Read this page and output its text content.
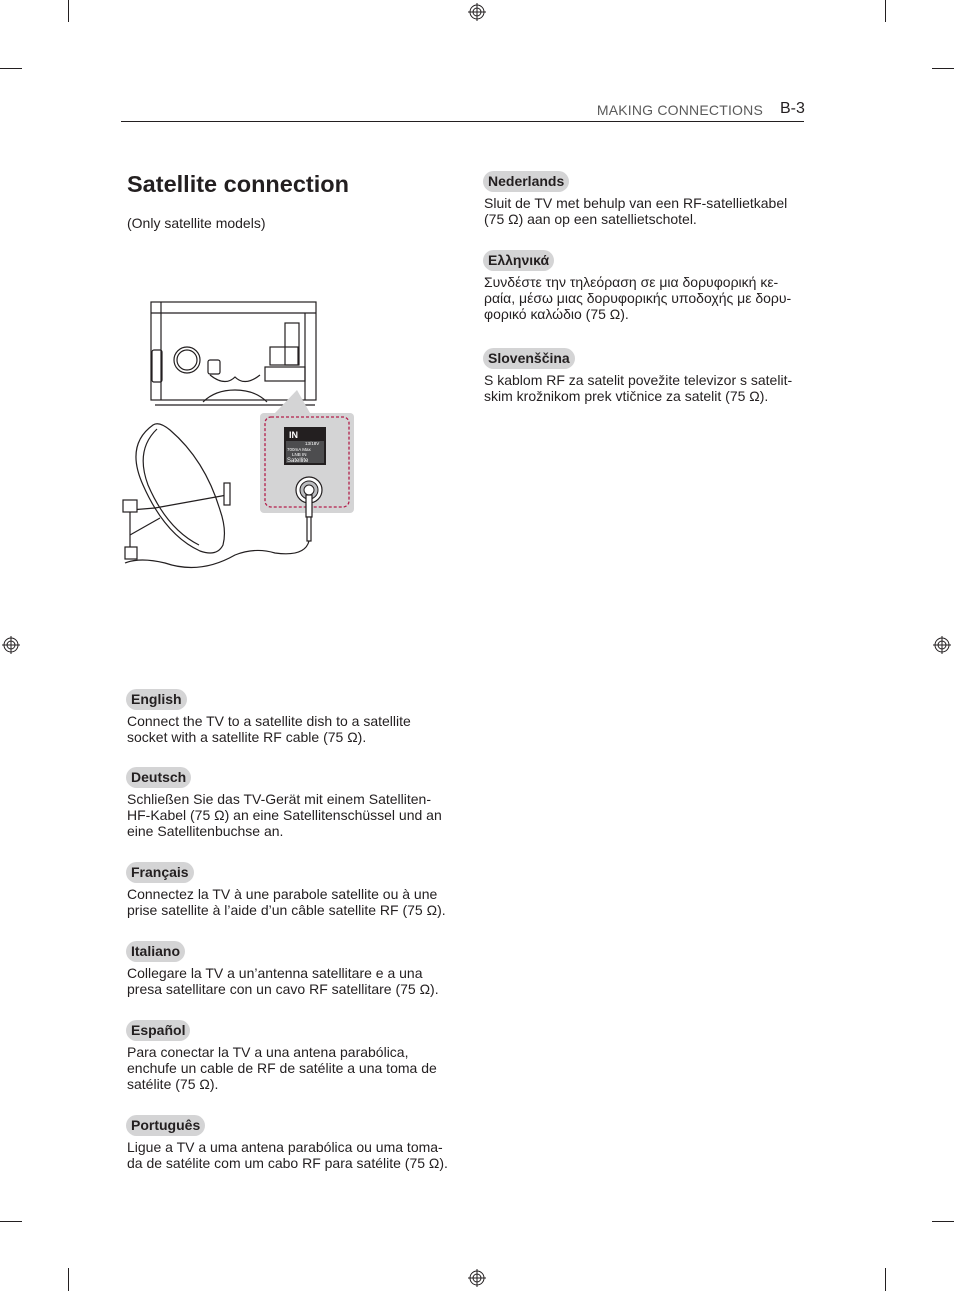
MAKING CONNECTIONS B-3
Satellite connection
(Only satellite models)
IN
13/18V
700mA Max
LNB IN
Satellite
English
Connect the TV to a satellite dish to a satellite
socket with a satellite RF cable (75 Ω).
Deutsch
Schließen Sie das TV-Gerät mit einem Satelliten-
HF-Kabel (75 Ω) an eine Satellitenschüssel und an
eine Satellitenbuchse an.
Français
Connectez la TV à une parabole satellite ou à une
prise satellite à l’aide d’un câble satellite RF (75 Ω).
Italiano
Collegare la TV a un’antenna satellitare e a una
presa satellitare con un cavo RF satellitare (75 Ω).
Español
Para conectar la TV a una antena parabólica,
enchufe un cable de RF de satélite a una toma de
satélite (75 Ω).
Português
Ligue a TV a uma antena parabólica ou uma toma-
da de satélite com um cabo RF para satélite (75 Ω).
Nederlands
Sluit de TV met behulp van een RF-satellietkabel
(75 Ω) aan op een satellietschotel.
Ελληνικά
Συνδέστε την τηλεόραση σε μια δορυφορική κε-
ραία, μέσω μιας δορυφορικής υποδοχής με δορυ-
φορικό καλώδιο (75 Ω).
Slovenščina
S kablom RF za satelit povežite televizor s satelit-
skim krožnikom prek vtičnice za satelit (75 Ω).
